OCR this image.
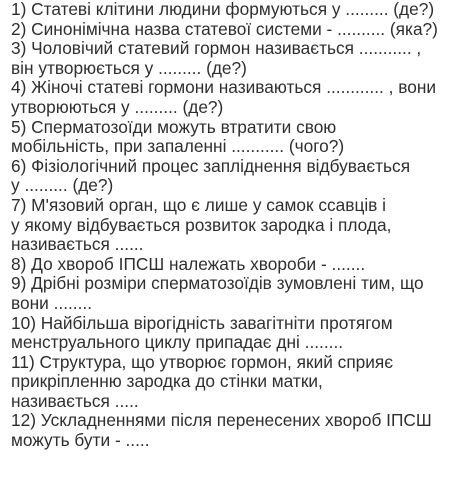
1) Статеві клітини людини формуються у ......... (де?)

2) Синонімічна назва статевої системи - .......... (яка?)

3) Чоловічий статевий гормон називається ........... ,
він утворюється у ......... (де?)

4) Жіночі статеві гормони називаються ............ , вони
утворюються у ......... (де?)

5) Сперматозоїди можуть втратити свою
мобільність, при запаленні ........... (чого?)

6) Фізіологічний процес запліднення відбувається
у ......... (де?)

7) М'язовий орган, що є лише у самок ссавців і
у якому відбувається розвиток зародка і плода,
називається ......

8) До хвороб ІПСШ належать хвороби - .......

9) Дрібні розміри сперматозоїдів зумовлені тим, що
вони ........

10) Найбільша вірогідність завагітніти протягом
менструального циклу припадає дні ........

11) Структура, що утворює гормон, який сприяє
прикріпленню зародка до стінки матки,
називається .....

12) Ускладненнями після перенесених хвороб ІПСШ
можуть бути - .....
